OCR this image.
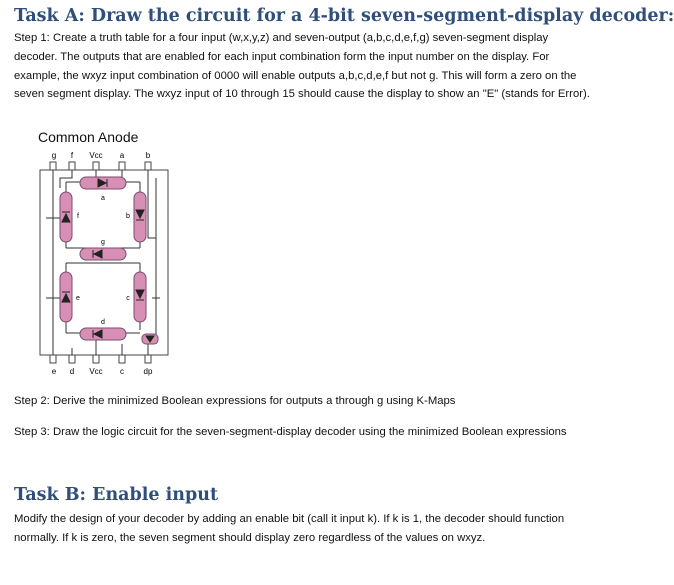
Task A: Draw the circuit for a 4-bit seven-segment-display decoder:
Step 1: Create a truth table for a four input (w,x,y,z) and seven-output (a,b,c,d,e,f,g) seven-segment display decoder. The outputs that are enabled for each input combination form the input number on the display. For example, the wxyz input combination of 0000 will enable outputs a,b,c,d,e,f but not g. This will form a zero on the seven segment display. The wxyz input of 10 through 15 should cause the display to show an "E" (stands for Error).
Common Anode
g f Vcc a	b
a
b
c
d
e
f
g
e d Vcc c dp
Step 2: Derive the minimized Boolean expressions for outputs a through g using K-Maps
Step 3: Draw the logic circuit for the seven-segment-display decoder using the minimized Boolean expressions
Task B: Enable input
Modify the design of your decoder by adding an enable bit (call it input k). If k is 1, the decoder should function normally. If k is zero, the seven segment should display zero regardless of the values on wxyz.
